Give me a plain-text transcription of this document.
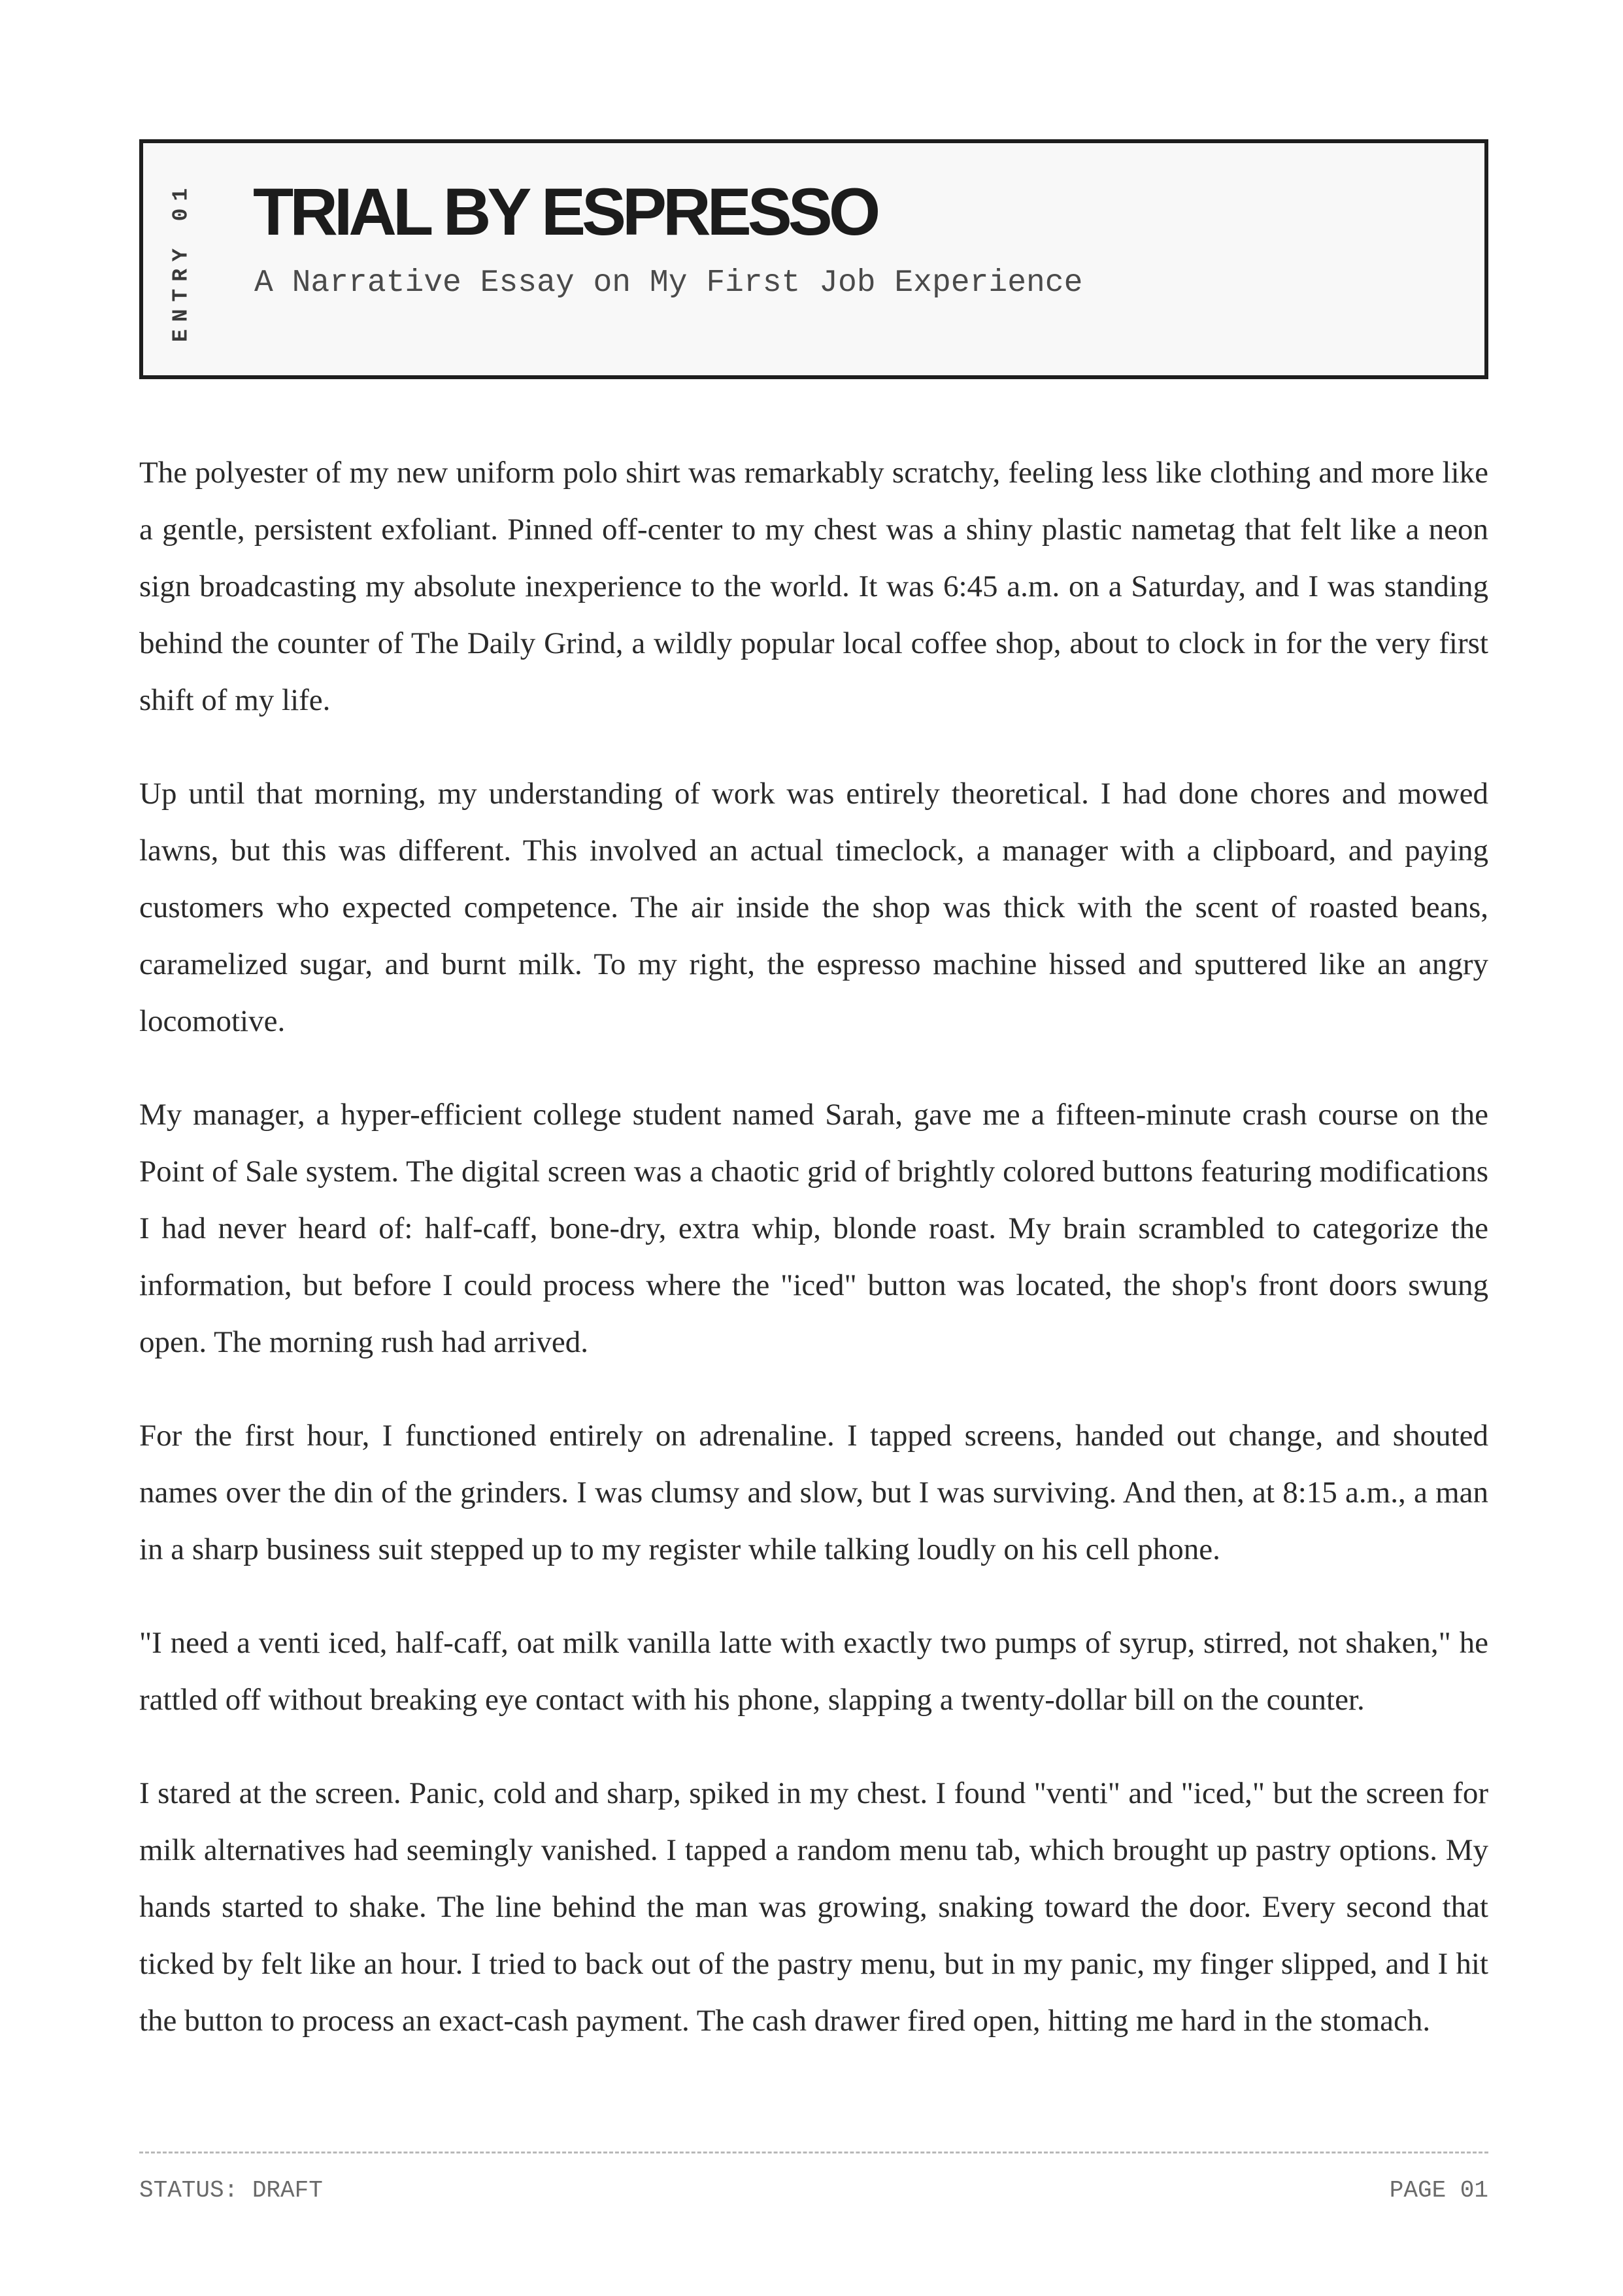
ENTRY 01 TRIAL BY ESPRESSO
A Narrative Essay on My First Job Experience

The polyester of my new uniform polo shirt was remarkably scratchy, feeling less like clothing and more like a gentle, persistent exfoliant. Pinned off-center to my chest was a shiny plastic nametag that felt like a neon sign broadcasting my absolute inexperience to the world. It was 6:45 a.m. on a Saturday, and I was standing behind the counter of The Daily Grind, a wildly popular local coffee shop, about to clock in for the very first shift of my life.

Up until that morning, my understanding of work was entirely theoretical. I had done chores and mowed lawns, but this was different. This involved an actual timeclock, a manager with a clipboard, and paying customers who expected competence. The air inside the shop was thick with the scent of roasted beans, caramelized sugar, and burnt milk. To my right, the espresso machine hissed and sputtered like an angry locomotive.

My manager, a hyper-efficient college student named Sarah, gave me a fifteen-minute crash course on the Point of Sale system. The digital screen was a chaotic grid of brightly colored buttons featuring modifications I had never heard of: half-caff, bone-dry, extra whip, blonde roast. My brain scrambled to categorize the information, but before I could process where the "iced" button was located, the shop's front doors swung open. The morning rush had arrived.

For the first hour, I functioned entirely on adrenaline. I tapped screens, handed out change, and shouted names over the din of the grinders. I was clumsy and slow, but I was surviving. And then, at 8:15 a.m., a man in a sharp business suit stepped up to my register while talking loudly on his cell phone.

"I need a venti iced, half-caff, oat milk vanilla latte with exactly two pumps of syrup, stirred, not shaken," he rattled off without breaking eye contact with his phone, slapping a twenty-dollar bill on the counter.

I stared at the screen. Panic, cold and sharp, spiked in my chest. I found "venti" and "iced," but the screen for milk alternatives had seemingly vanished. I tapped a random menu tab, which brought up pastry options. My hands started to shake. The line behind the man was growing, snaking toward the door. Every second that ticked by felt like an hour. I tried to back out of the pastry menu, but in my panic, my finger slipped, and I hit the button to process an exact-cash payment. The cash drawer fired open, hitting me hard in the stomach.

STATUS: DRAFT	PAGE 01
